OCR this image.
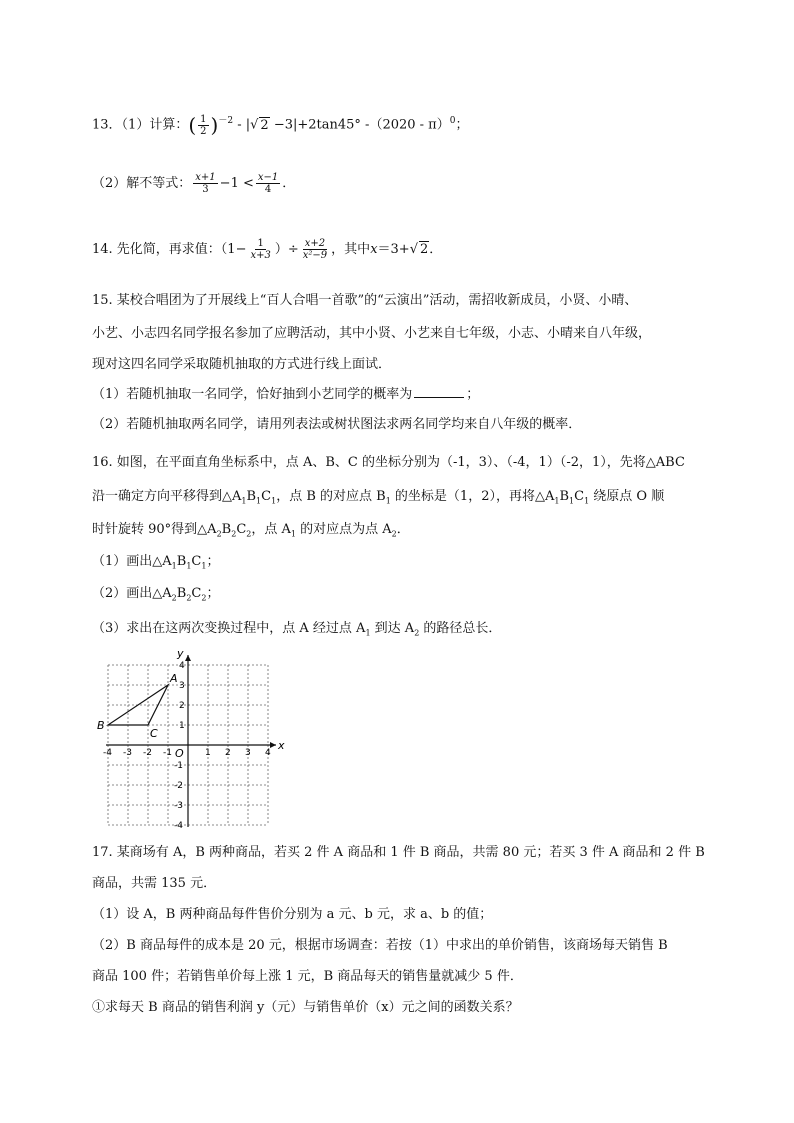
13．（1）计算：( $\frac{1}{2} )^{-2}$ - |√ 2 −3|+2tan45° -（2020 - π）$^0$；
（2）解不等式： $\frac{x+1}{3} -1 < \frac{x-1}{4}$ ．
14. 先化简，再求值：（$1- \frac{1}{x+3}$ ）÷ $\frac{x+2}{\text{x²−9}}$ ，其中x＝3+√ 2．
15. 某校合唱团为了开展线上“百人合唱一首歌”的“云演出”活动，需招收新成员，小贤、小晴、
小艺、小志四名同学报名参加了应聘活动，其中小贤、小艺来自七年级，小志、小晴来自八年级，
现对这四名同学采取随机抽取的方式进行线上面试．
（1）若随机抽取一名同学，恰好抽到小艺同学的概率为	；
（2）若随机抽取两名同学，请用列表法或树状图法求两名同学均来自八年级的概率．
16. 如图，在平面直角坐标系中，点 A、B、C 的坐标分别为（-1，3）、（-4，1）（-2，1），先将△ABC
沿一确定方向平移得到$\triangle A_1B_1C_1$，点 B 的对应点 $B_1$ 的坐标是（1，2），再将$\triangle A_1B_1C_1$ 绕原点 O 顺
时针旋转 90°得到$\triangle A_2B_2C_2$，点 $A_1$ 的对应点为点 $A_2$．
（1）画出$\triangle A_1B_1C_1$；
（2）画出$\triangle A_2B_2C_2$；
（3）求出在这两次变换过程中，点 A 经过点 $A_1$ 到达 $A_2$ 的路径总长．
x
y
O
-4 -3 -2 -1	1 2 3 4
4
3
2
1
-1
-2
-3
-4
A
B
C
17. 某商场有 A，B 两种商品，若买 2 件 A 商品和 1 件 B 商品，共需 80 元；若买 3 件 A 商品和 2 件 B
商品，共需 135 元．
（1）设 A，B 两种商品每件售价分别为 a 元、b 元，求 a、b 的值；
（2）B 商品每件的成本是 20 元，根据市场调查：若按（1）中求出的单价销售，该商场每天销售 B
商品 100 件；若销售单价每上涨 1 元，B 商品每天的销售量就减少 5 件．
①求每天 B 商品的销售利润 y（元）与销售单价（x）元之间的函数关系？
